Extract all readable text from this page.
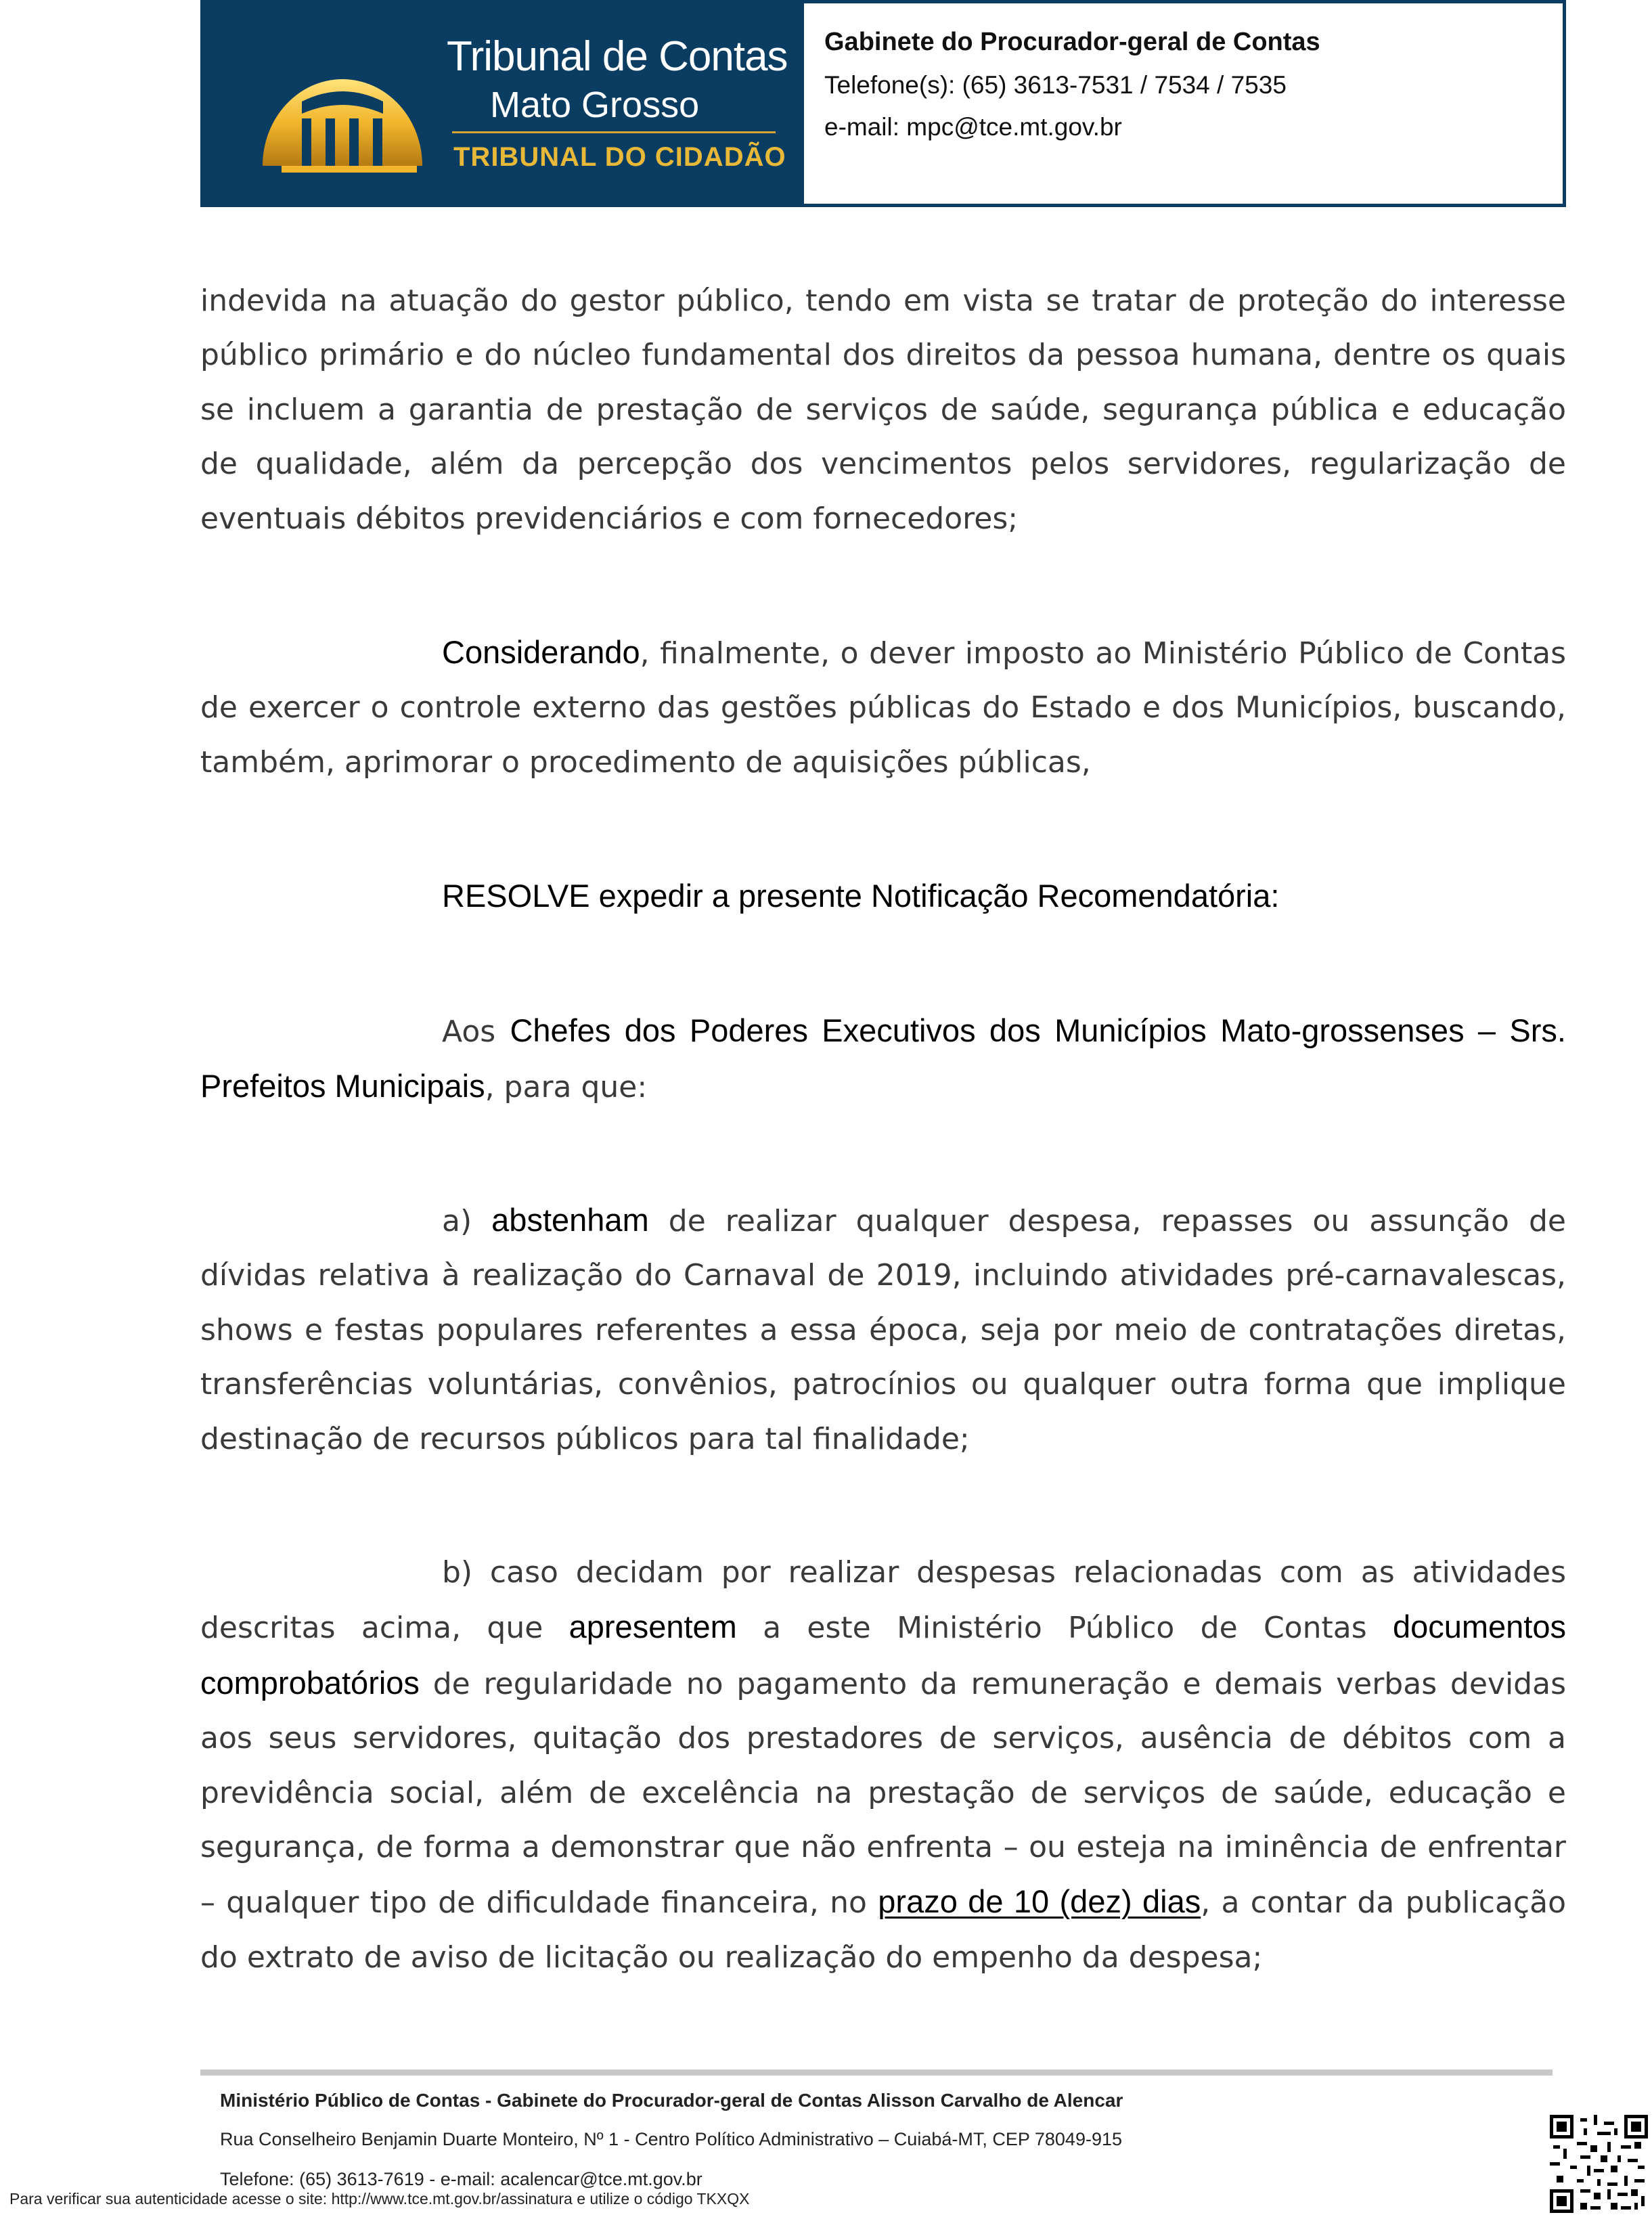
Tribunal de Contas
Mato Grosso
TRIBUNAL DO CIDADÃO
Gabinete do Procurador-geral de Contas
Telefone(s): (65) 3613-7531 / 7534 / 7535
e-mail: mpc@tce.mt.gov.br

indevida na atuação do gestor público, tendo em vista se tratar de proteção do interesse público primário e do núcleo fundamental dos direitos da pessoa humana, dentre os quais se incluem a garantia de prestação de serviços de saúde, segurança pública e educação de qualidade, além da percepção dos vencimentos pelos servidores, regularização de eventuais débitos previdenciários e com fornecedores;

Considerando, finalmente, o dever imposto ao Ministério Público de Contas de exercer o controle externo das gestões públicas do Estado e dos Municípios, buscando, também, aprimorar o procedimento de aquisições públicas,

RESOLVE expedir a presente Notificação Recomendatória:

Aos Chefes dos Poderes Executivos dos Municípios Mato-grossenses – Srs. Prefeitos Municipais, para que:

a) abstenham de realizar qualquer despesa, repasses ou assunção de dívidas relativa à realização do Carnaval de 2019, incluindo atividades pré-carnavalescas, shows e festas populares referentes a essa época, seja por meio de contratações diretas, transferências voluntárias, convênios, patrocínios ou qualquer outra forma que implique destinação de recursos públicos para tal finalidade;

b) caso decidam por realizar despesas relacionadas com as atividades descritas acima, que apresentem a este Ministério Público de Contas documentos comprobatórios de regularidade no pagamento da remuneração e demais verbas devidas aos seus servidores, quitação dos prestadores de serviços, ausência de débitos com a previdência social, além de excelência na prestação de serviços de saúde, educação e segurança, de forma a demonstrar que não enfrenta – ou esteja na iminência de enfrentar – qualquer tipo de dificuldade financeira, no prazo de 10 (dez) dias, a contar da publicação do extrato de aviso de licitação ou realização do empenho da despesa;

Ministério Público de Contas - Gabinete do Procurador-geral de Contas Alisson Carvalho de Alencar
Rua Conselheiro Benjamin Duarte Monteiro, Nº 1 - Centro Político Administrativo – Cuiabá-MT, CEP 78049-915
Telefone: (65) 3613-7619 - e-mail: acalencar@tce.mt.gov.br
Para verificar sua autenticidade acesse o site: http://www.tce.mt.gov.br/assinatura e utilize o código TKXQX
